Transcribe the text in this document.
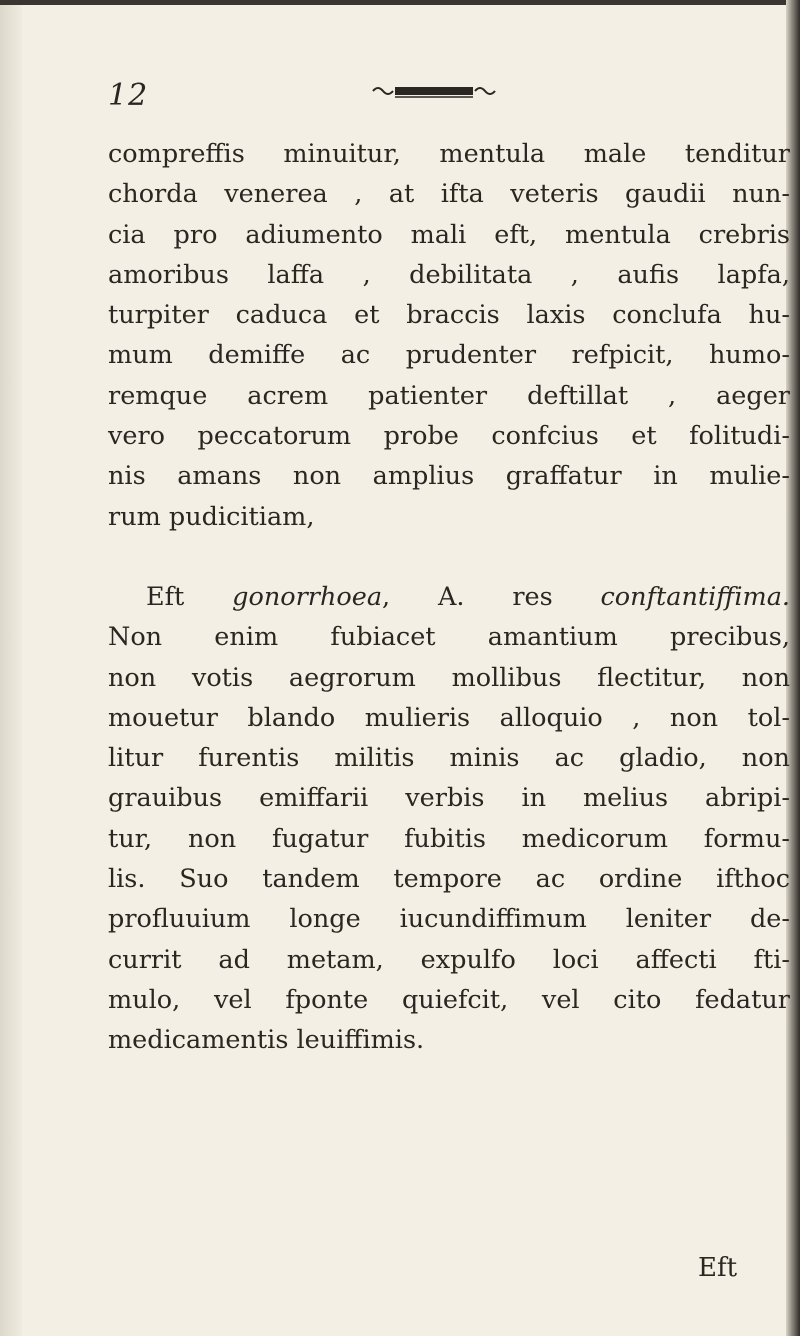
12
compreffis minuitur, mentula male tenditur
chorda venerea , at ifta veteris gaudii nun-
cia pro adiumento mali eft, mentula crebris
amoribus laffa , debilitata , aufis lapfa,
turpiter caduca et braccis laxis conclufa hu-
mum demiffe ac prudenter refpicit, humo-
remque acrem patienter deftillat , aeger
vero peccatorum probe confcius et folitudi-
nis amans non amplius graffatur in mulie-
rum pudicitiam,
Eft gonorrhoea, A. res conftantiffima.
Non enim fubiacet amantium precibus,
non votis aegrorum mollibus flectitur, non
mouetur blando mulieris alloquio , non tol-
litur furentis militis minis ac gladio, non
grauibus emiffarii verbis in melius abripi-
tur, non fugatur fubitis medicorum formu-
lis. Suo tandem tempore ac ordine ifthoc
profluuium longe iucundiffimum leniter de-
currit ad metam, expulfo loci affecti fti-
mulo, vel fponte quiefcit, vel cito fedatur
medicamentis leuiffimis.
Eft
